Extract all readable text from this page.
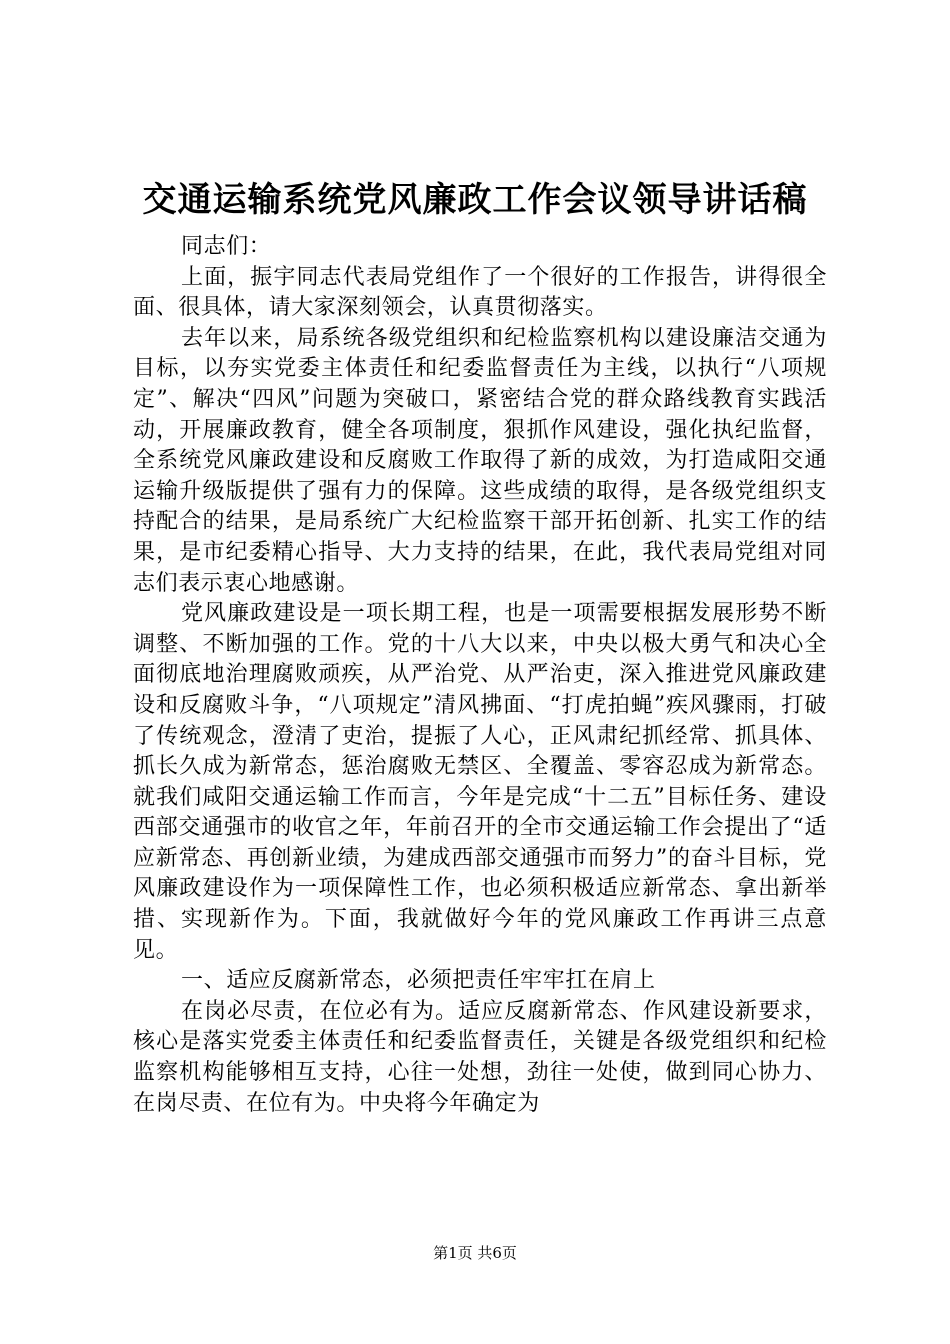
交通运输系统党风廉政工作会议领导讲话稿

同志们：

上面，振宇同志代表局党组作了一个很好的工作报告，讲得很全面、很具体，请大家深刻领会，认真贯彻落实。

去年以来，局系统各级党组织和纪检监察机构以建设廉洁交通为目标，以夯实党委主体责任和纪委监督责任为主线，以执行“八项规定”、解决“四风”问题为突破口，紧密结合党的群众路线教育实践活动，开展廉政教育，健全各项制度，狠抓作风建设，强化执纪监督，全系统党风廉政建设和反腐败工作取得了新的成效，为打造咸阳交通运输升级版提供了强有力的保障。这些成绩的取得，是各级党组织支持配合的结果，是局系统广大纪检监察干部开拓创新、扎实工作的结果，是市纪委精心指导、大力支持的结果，在此，我代表局党组对同志们表示衷心地感谢。

党风廉政建设是一项长期工程，也是一项需要根据发展形势不断调整、不断加强的工作。党的十八大以来，中央以极大勇气和决心全面彻底地治理腐败顽疾，从严治党、从严治吏，深入推进党风廉政建设和反腐败斗争，“八项规定”清风拂面、“打虎拍蝇”疾风骤雨，打破了传统观念，澄清了吏治，提振了人心，正风肃纪抓经常、抓具体、抓长久成为新常态，惩治腐败无禁区、全覆盖、零容忍成为新常态。就我们咸阳交通运输工作而言，今年是完成“十二五”目标任务、建设西部交通强市的收官之年，年前召开的全市交通运输工作会提出了“适应新常态、再创新业绩，为建成西部交通强市而努力”的奋斗目标，党风廉政建设作为一项保障性工作，也必须积极适应新常态、拿出新举措、实现新作为。下面，我就做好今年的党风廉政工作再讲三点意见。

一、适应反腐新常态，必须把责任牢牢扛在肩上

在岗必尽责，在位必有为。适应反腐新常态、作风建设新要求，核心是落实党委主体责任和纪委监督责任，关键是各级党组织和纪检监察机构能够相互支持，心往一处想，劲往一处使，做到同心协力、在岗尽责、在位有为。中央将今年确定为

第1页 共6页
